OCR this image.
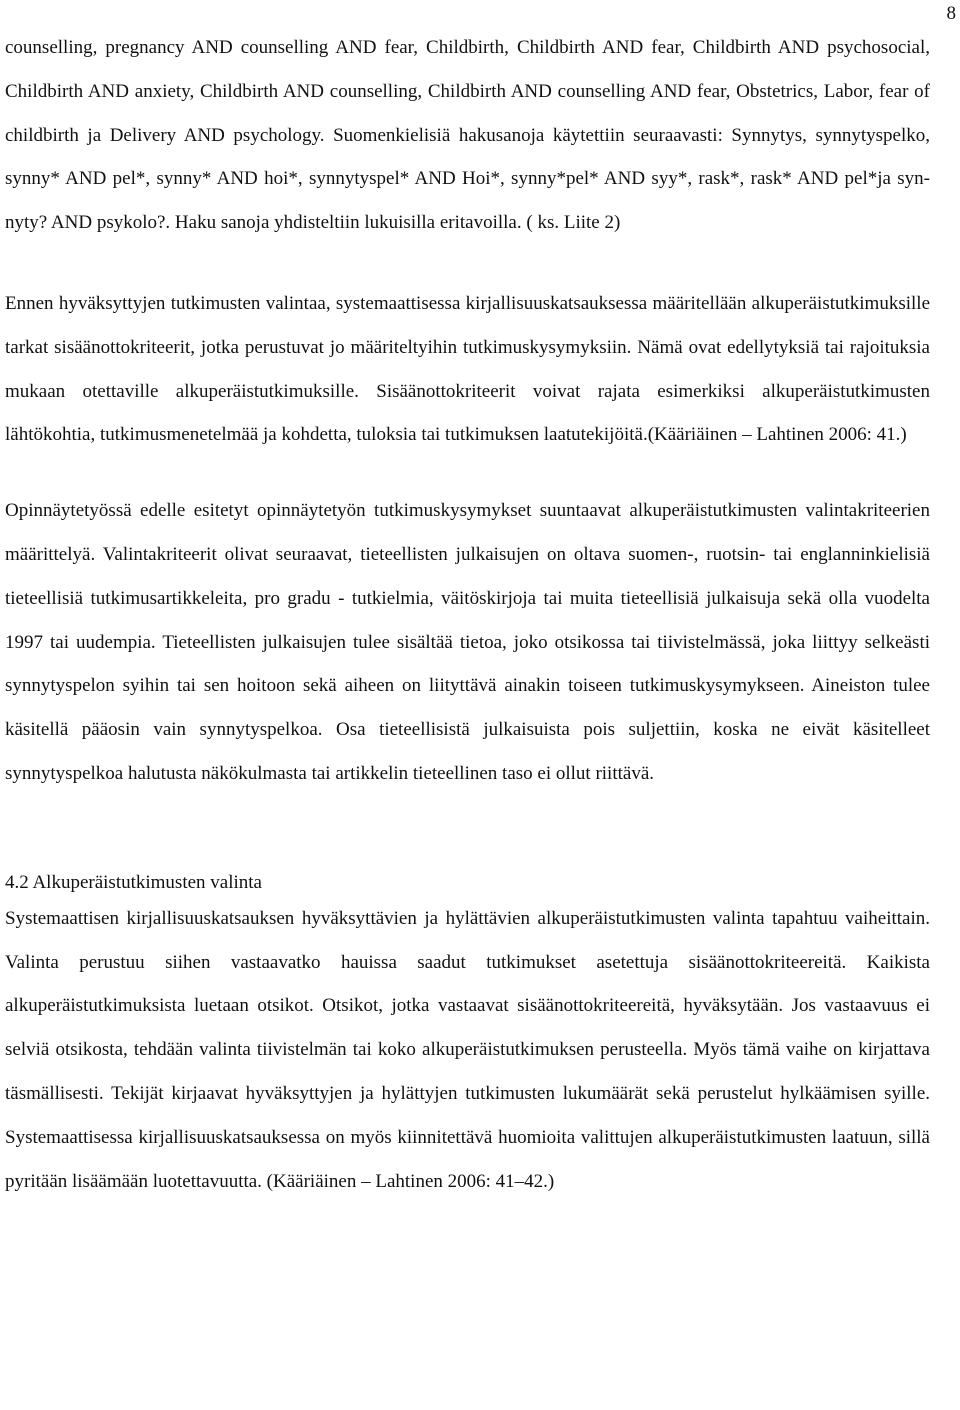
8

counselling, pregnancy AND counselling AND fear, Childbirth, Childbirth AND fear, Childbirth AND psychosocial, Childbirth AND anxiety, Childbirth AND counselling, Childbirth AND counselling AND fear, Obstetrics, Labor, fear of childbirth ja Delivery AND psychology. Suomenkielisiä hakusanoja käytettiin seuraavasti: Synnytys, synnytyspelko, synny* AND pel*, synny* AND hoi*, synnytyspel* AND Hoi*, synny*pel* AND syy*, rask*, rask* AND pel*ja synnyty? AND psykolo?. Haku sanoja yhdisteltiin lukuisilla eritavoilla. ( ks. Liite 2)

Ennen hyväksyttyjen tutkimusten valintaa, systemaattisessa kirjallisuuskatsauksessa määritellään alkuperäistutkimuksille tarkat sisäänottokriteerit, jotka perustuvat jo määriteltyihin tutkimuskysymyksiin. Nämä ovat edellytyksiä tai rajoituksia mukaan otettaville alkuperäistutkimuksille. Sisäänottokriteerit voivat rajata esimerkiksi alkuperäistutkimusten lähtökohtia, tutkimusmenetelmää ja kohdetta, tuloksia tai tutkimuksen laatutekijöitä.(Kääriäinen – Lahtinen 2006: 41.)

Opinnäytetyössä edelle esitetyt opinnäytetyön tutkimuskysymykset suuntaavat alkuperäistutkimusten valintakriteerien määrittelyä. Valintakriteerit olivat seuraavat, tieteellisten julkaisujen on oltava suomen-, ruotsin- tai englanninkielisiä tieteellisiä tutkimusartikkeleita, pro gradu - tutkielmia, väitöskirjoja tai muita tieteellisiä julkaisuja sekä olla vuodelta 1997 tai uudempia. Tieteellisten julkaisujen tulee sisältää tietoa, joko otsikossa tai tiivistelmässä, joka liittyy selkeästi synnytyspelon syihin tai sen hoitoon sekä aiheen on liityttävä ainakin toiseen tutkimuskysymykseen. Aineiston tulee käsitellä pääosin vain synnytyspelkoa. Osa tieteellisistä julkaisuista pois suljettiin, koska ne eivät käsitelleet synnytyspelkoa halutusta näkökulmasta tai artikkelin tieteellinen taso ei ollut riittävä.

4.2 Alkuperäistutkimusten valinta

Systemaattisen kirjallisuuskatsauksen hyväksyttävien ja hylättävien alkuperäistutkimusten valinta tapahtuu vaiheittain. Valinta perustuu siihen vastaavatko hauissa saadut tutkimukset asetettuja sisäänottokriteereitä. Kaikista alkuperäistutkimuksista luetaan otsikot. Otsikot, jotka vastaavat sisäänottokriteereitä, hyväksytään. Jos vastaavuus ei selviä otsikosta, tehdään valinta tiivistelmän tai koko alkuperäistutkimuksen perusteella. Myös tämä vaihe on kirjattava täsmällisesti. Tekijät kirjaavat hyväksyttyjen ja hylättyjen tutkimusten lukumäärät sekä perustelut hylkäämisen syille. Systemaattisessa kirjallisuuskatsauksessa on myös kiinnitettävä huomioita valittujen alkuperäistutkimusten laatuun, sillä pyritään lisäämään luotettavuutta. (Kääriäinen – Lahtinen 2006: 41–42.)
